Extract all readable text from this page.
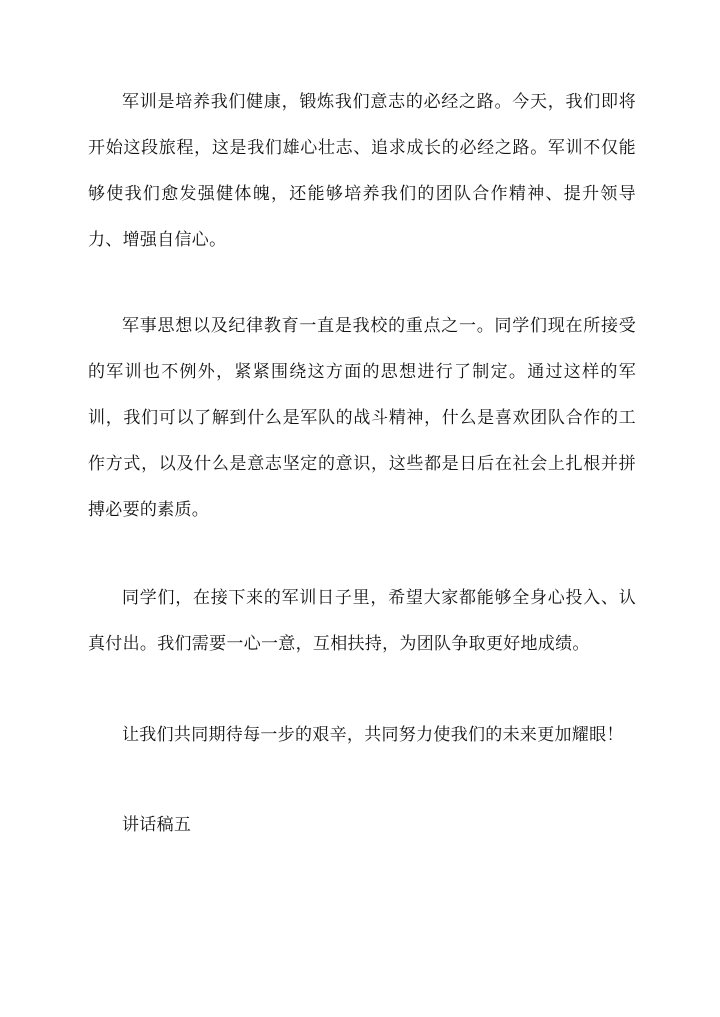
军训是培养我们健康，锻炼我们意志的必经之路。今天，我们即将开始这段旅程，这是我们雄心壮志、追求成长的必经之路。军训不仅能够使我们愈发强健体魄，还能够培养我们的团队合作精神、提升领导力、增强自信心。

军事思想以及纪律教育一直是我校的重点之一。同学们现在所接受的军训也不例外，紧紧围绕这方面的思想进行了制定。通过这样的军训，我们可以了解到什么是军队的战斗精神，什么是喜欢团队合作的工作方式，以及什么是意志坚定的意识，这些都是日后在社会上扎根并拼搏必要的素质。

同学们，在接下来的军训日子里，希望大家都能够全身心投入、认真付出。我们需要一心一意，互相扶持，为团队争取更好地成绩。

让我们共同期待每一步的艰辛，共同努力使我们的未来更加耀眼！

讲话稿五
